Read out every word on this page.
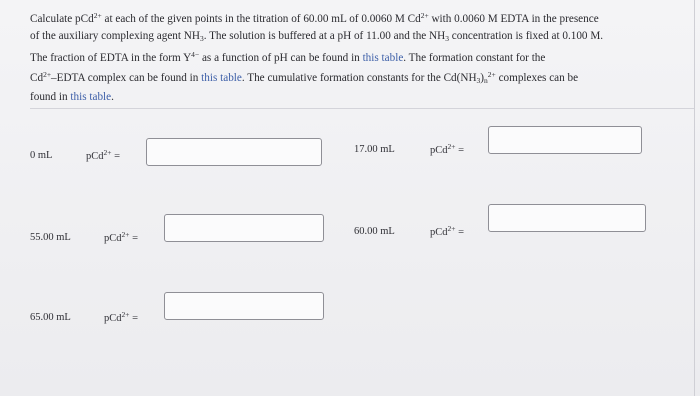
Calculate pCd$^{2+}$ at each of the given points in the titration of 60.00 mL of 0.0060 M $Cd^{2+}$ with 0.0060 M EDTA in the presence
of the auxiliary complexing agent $NH_3$. The solution is buffered at a pH of 11.00 and the $NH_3$ concentration is fixed at 0.100 M.
The fraction of EDTA in the form $Y^{4-}$ as a function of pH can be found in this table. The formation constant for the
$Cd^{2+}$–EDTA complex can be found in this table. The cumulative formation constants for the $Cd(NH_3)_n^{2+}$ complexes can be
found in this table.
0 mL	pCd$^{2+}$ =
17.00 mL	pCd$^{2+}$ =
55.00 mL	pCd$^{2+}$ =
60.00 mL	pCd$^{2+}$ =
65.00 mL	pCd$^{2+}$ =
